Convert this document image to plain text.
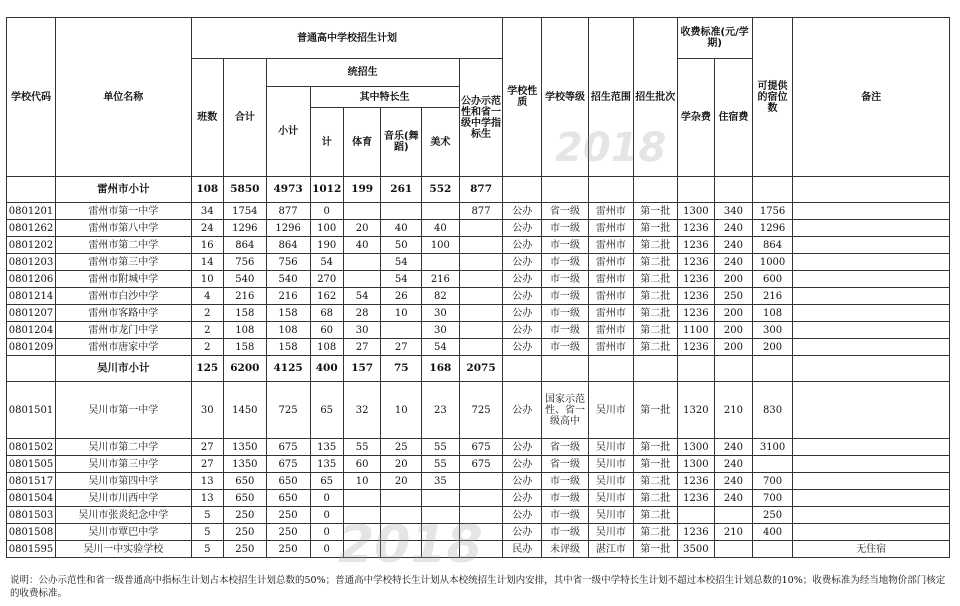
学校代码	单位名称	普通高中学校招生计划								学校性质	学校等级	招生范围	招生批次	收费标准(元/学期)		可提供的宿位数	备注
		班数	合计	统招生					公办示范性和省一级中学指标生					学杂费	住宿费		
				小计	其中特长生												
					计	体育	音乐(舞蹈)	美术									
	雷州市小计	108	5850	4973	1012	199	261	552	877								
0801201	雷州市第一中学	34	1754	877	0				877	公办	省一级	雷州市	第一批	1300	340	1756	
0801262	雷州市第八中学	24	1296	1296	100	20	40	40		公办	市一级	雷州市	第一批	1236	240	1296	
0801202	雷州市第二中学	16	864	864	190	40	50	100		公办	市一级	雷州市	第二批	1236	240	864	
0801203	雷州市第三中学	14	756	756	54		54			公办	市一级	雷州市	第二批	1236	240	1000	
0801206	雷州市附城中学	10	540	540	270		54	216		公办	市一级	雷州市	第二批	1236	200	600	
0801214	雷州市白沙中学	4	216	216	162	54	26	82		公办	市一级	雷州市	第二批	1236	250	216	
0801207	雷州市客路中学	2	158	158	68	28	10	30		公办	市一级	雷州市	第二批	1236	200	108	
0801204	雷州市龙门中学	2	108	108	60	30		30		公办	市一级	雷州市	第二批	1100	200	300	
0801209	雷州市唐家中学	2	158	158	108	27	27	54		公办	市一级	雷州市	第二批	1236	200	200	
	吴川市小计	125	6200	4125	400	157	75	168	2075								
0801501	吴川市第一中学	30	1450	725	65	32	10	23	725	公办	国家示范性、省一级高中	吴川市	第一批	1320	210	830	
0801502	吴川市第二中学	27	1350	675	135	55	25	55	675	公办	省一级	吴川市	第一批	1300	240	3100	
0801505	吴川市第三中学	27	1350	675	135	60	20	55	675	公办	省一级	吴川市	第一批	1300	240		
0801517	吴川市第四中学	13	650	650	65	10	20	35		公办	市一级	吴川市	第二批	1236	240	700	
0801504	吴川市川西中学	13	650	650	0					公办	市一级	吴川市	第二批	1236	240	700	
0801503	吴川市张炎纪念中学	5	250	250	0					公办	市一级	吴川市	第二批			250	
0801508	吴川市覃巴中学	5	250	250	0					公办	市一级	吴川市	第二批	1236	210	400	
0801595	吴川一中实验学校	5	250	250	0					民办	未评级	湛江市	第一批	3500			无住宿
2018
2018
说明：公办示范性和省一级普通高中指标生计划占本校招生计划总数的50%；普通高中学校特长生计划从本校统招生计划内安排，其中省一级中学特长生计划不超过本校招生计划总数的10%；收费标准为经当地物价部门核定的收费标准。
